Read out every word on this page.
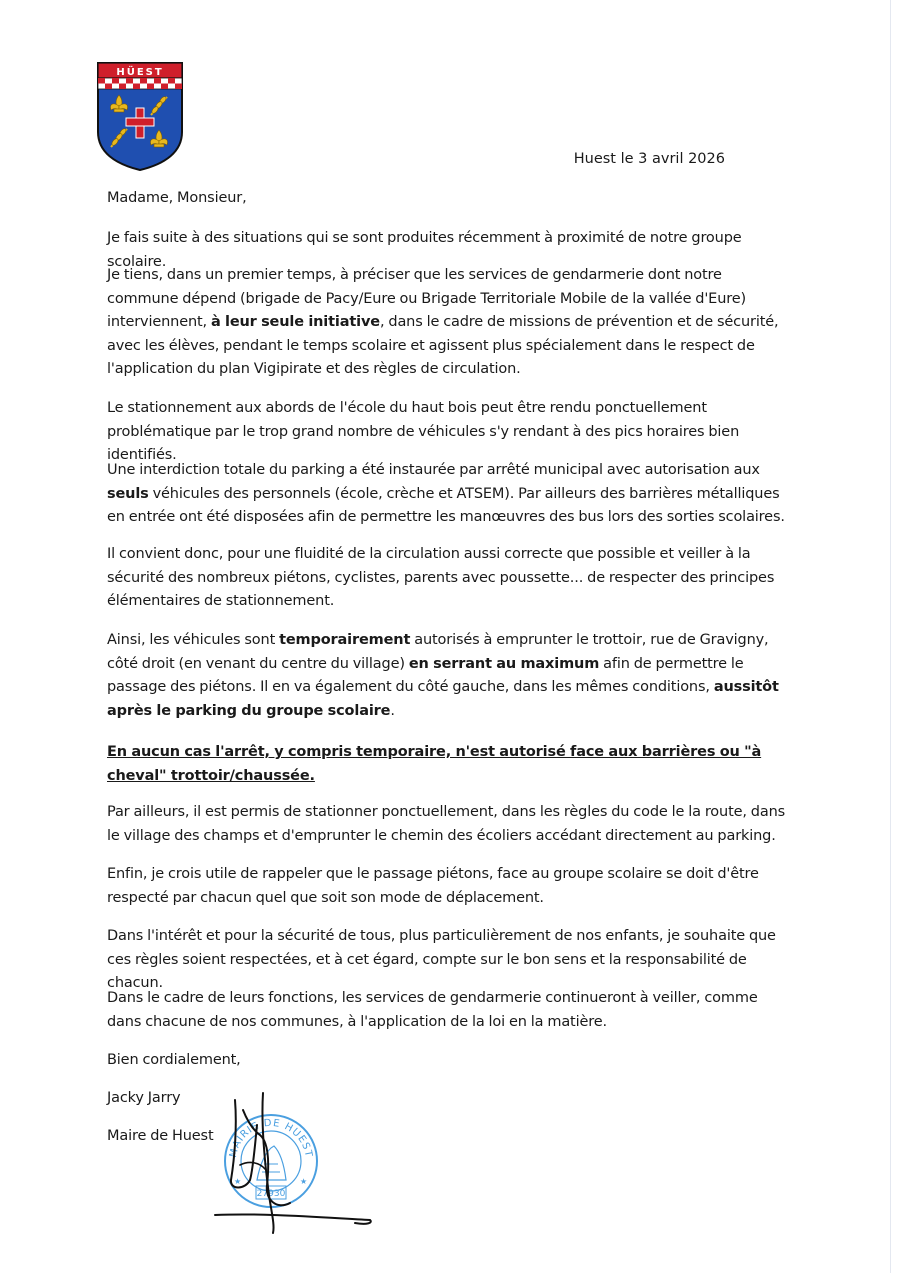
HÜEST
Huest le 3 avril 2026

Madame, Monsieur,

Je fais suite à des situations qui se sont produites récemment à proximité de notre groupe scolaire.

Je tiens, dans un premier temps, à préciser que les services de gendarmerie dont notre commune dépend (brigade de Pacy/Eure ou Brigade Territoriale Mobile de la vallée d'Eure) interviennent, à leur seule initiative, dans le cadre de missions de prévention et de sécurité, avec les élèves, pendant le temps scolaire et agissent plus spécialement dans le respect de l'application du plan Vigipirate et des règles de circulation.

Le stationnement aux abords de l'école du haut bois peut être rendu ponctuellement problématique par le trop grand nombre de véhicules s'y rendant à des pics horaires bien identifiés.

Une interdiction totale du parking a été instaurée par arrêté municipal avec autorisation aux seuls véhicules des personnels (école, crèche et ATSEM). Par ailleurs des barrières métalliques en entrée ont été disposées afin de permettre les manœuvres des bus lors des sorties scolaires.

Il convient donc, pour une fluidité de la circulation aussi correcte que possible et veiller à la sécurité des nombreux piétons, cyclistes, parents avec poussette... de respecter des principes élémentaires de stationnement.

Ainsi, les véhicules sont temporairement autorisés à emprunter le trottoir, rue de Gravigny, côté droit (en venant du centre du village) en serrant au maximum afin de permettre le passage des piétons. Il en va également du côté gauche, dans les mêmes conditions, aussitôt après le parking du groupe scolaire.

En aucun cas l'arrêt, y compris temporaire, n'est autorisé face aux barrières ou "à cheval" trottoir/chaussée.

Par ailleurs, il est permis de stationner ponctuellement, dans les règles du code le la route, dans le village des champs et d'emprunter le chemin des écoliers accédant directement au parking.

Enfin, je crois utile de rappeler que le passage piétons, face au groupe scolaire se doit d'être respecté par chacun quel que soit son mode de déplacement.

Dans l'intérêt et pour la sécurité de tous, plus particulièrement de nos enfants, je souhaite que ces règles soient respectées, et à cet égard, compte sur le bon sens et la responsabilité de chacun.

Dans le cadre de leurs fonctions, les services de gendarmerie continueront à veiller, comme dans chacune de nos communes, à l'application de la loi en la matière.

Bien cordialement,

Jacky Jarry

Maire de Huest

MAIRIE DE HUEST
27930
★	★
